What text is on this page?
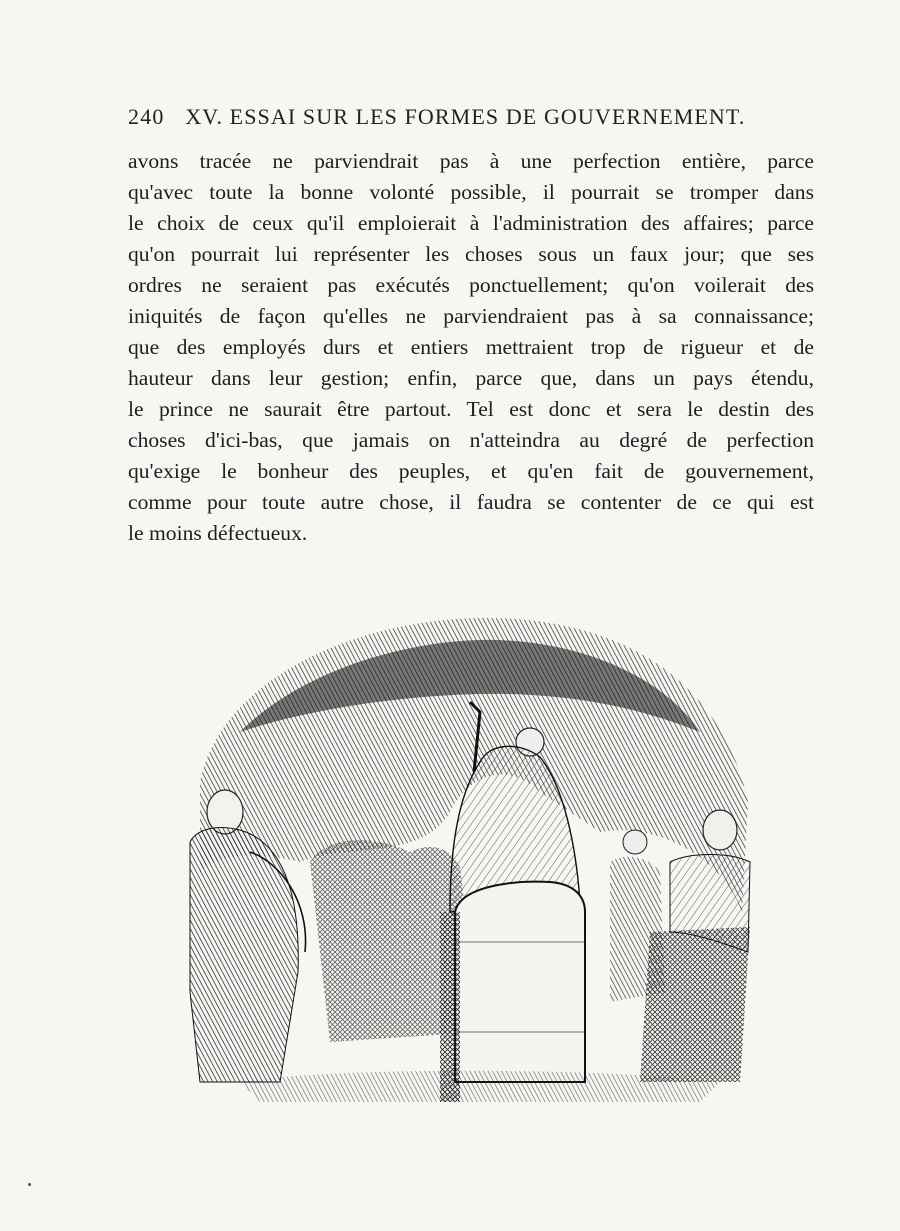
240 XV. ESSAI SUR LES FORMES DE GOUVERNEMENT.
avons tracée ne parviendrait pas à une perfection entière, parce
qu'avec toute la bonne volonté possible, il pourrait se tromper dans
le choix de ceux qu'il emploierait à l'administration des affaires; parce
qu'on pourrait lui représenter les choses sous un faux jour; que ses
ordres ne seraient pas exécutés ponctuellement; qu'on voilerait des
iniquités de façon qu'elles ne parviendraient pas à sa connaissance;
que des employés durs et entiers mettraient trop de rigueur et de
hauteur dans leur gestion; enfin, parce que, dans un pays étendu,
le prince ne saurait être partout. Tel est donc et sera le destin des
choses d'ici-bas, que jamais on n'atteindra au degré de perfection
qu'exige le bonheur des peuples, et qu'en fait de gouvernement,
comme pour toute autre chose, il faudra se contenter de ce qui est
le moins défectueux.
